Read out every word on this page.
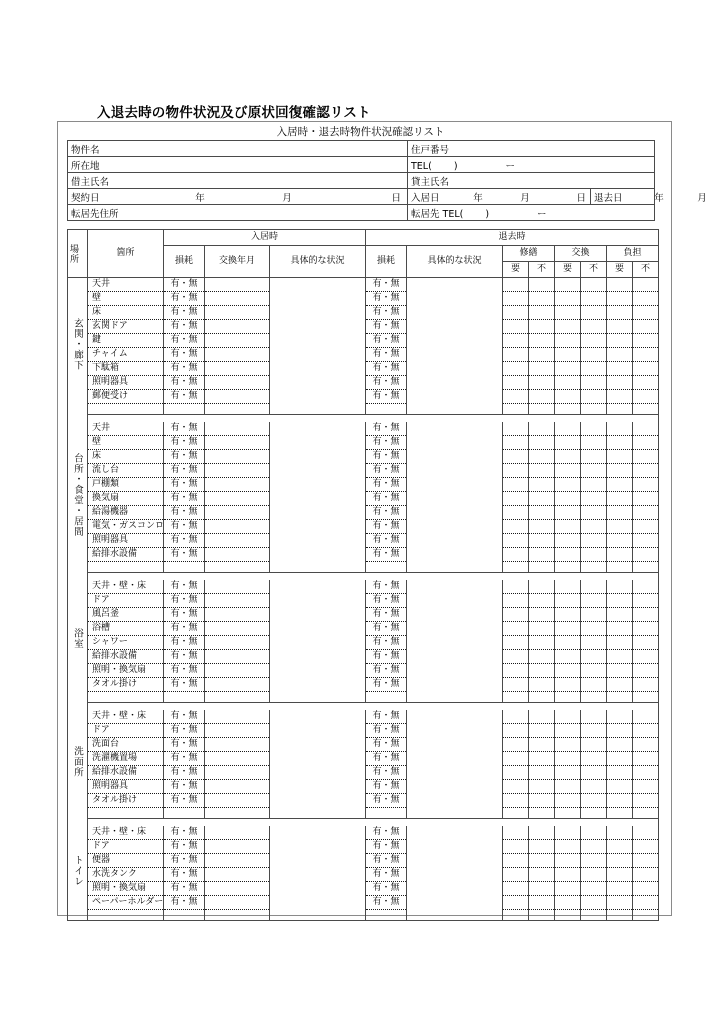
入退去時の物件状況及び原状回復確認リスト
入居時・退去時物件状況確認リスト
物件名	住戸番号
所在地	TEL( )	ー
借主氏名	貸主氏名

契約日	年	月	日
	入居日	年	月	日	退去日	年	月	

転居先住所	転居先 TEL( )	ー
場所	箇所	入居時			退去時							
		損耗	交換年月	具体的な状況	損耗	具体的な状況	修繕		交換		負担	
							要	不	要	不	要	不
玄関・廊下	天井	有・無			有・無							
	壁	有・無			有・無							
	床	有・無			有・無							
	玄関ドア	有・無			有・無							
	鍵	有・無			有・無							
	チャイム	有・無			有・無							
	下駄箱	有・無			有・無							
	照明器具	有・無			有・無							
	郵便受け	有・無			有・無							

台所・食堂・居間	天井	有・無			有・無							
	壁	有・無			有・無							
	床	有・無			有・無							
	流し台	有・無			有・無							
	戸棚類	有・無			有・無							
	換気扇	有・無			有・無							
	給湯機器	有・無			有・無							
	電気・ガスコンロ	有・無			有・無							
	照明器具	有・無			有・無							
	給排水設備	有・無			有・無							

浴室	天井・壁・床	有・無			有・無							
	ドア	有・無			有・無							
	風呂釜	有・無			有・無							
	浴槽	有・無			有・無							
	シャワー	有・無			有・無							
	給排水設備	有・無			有・無							
	照明・換気扇	有・無			有・無							
	タオル掛け	有・無			有・無							

洗面所	天井・壁・床	有・無			有・無							
	ドア	有・無			有・無							
	洗面台	有・無			有・無							
	洗濯機置場	有・無			有・無							
	給排水設備	有・無			有・無							
	照明器具	有・無			有・無							
	タオル掛け	有・無			有・無							

トイレ	天井・壁・床	有・無			有・無							
	ドア	有・無			有・無							
	便器	有・無			有・無							
	水洗タンク	有・無			有・無							
	照明・換気扇	有・無			有・無							
	ペーパーホルダー	有・無			有・無							
